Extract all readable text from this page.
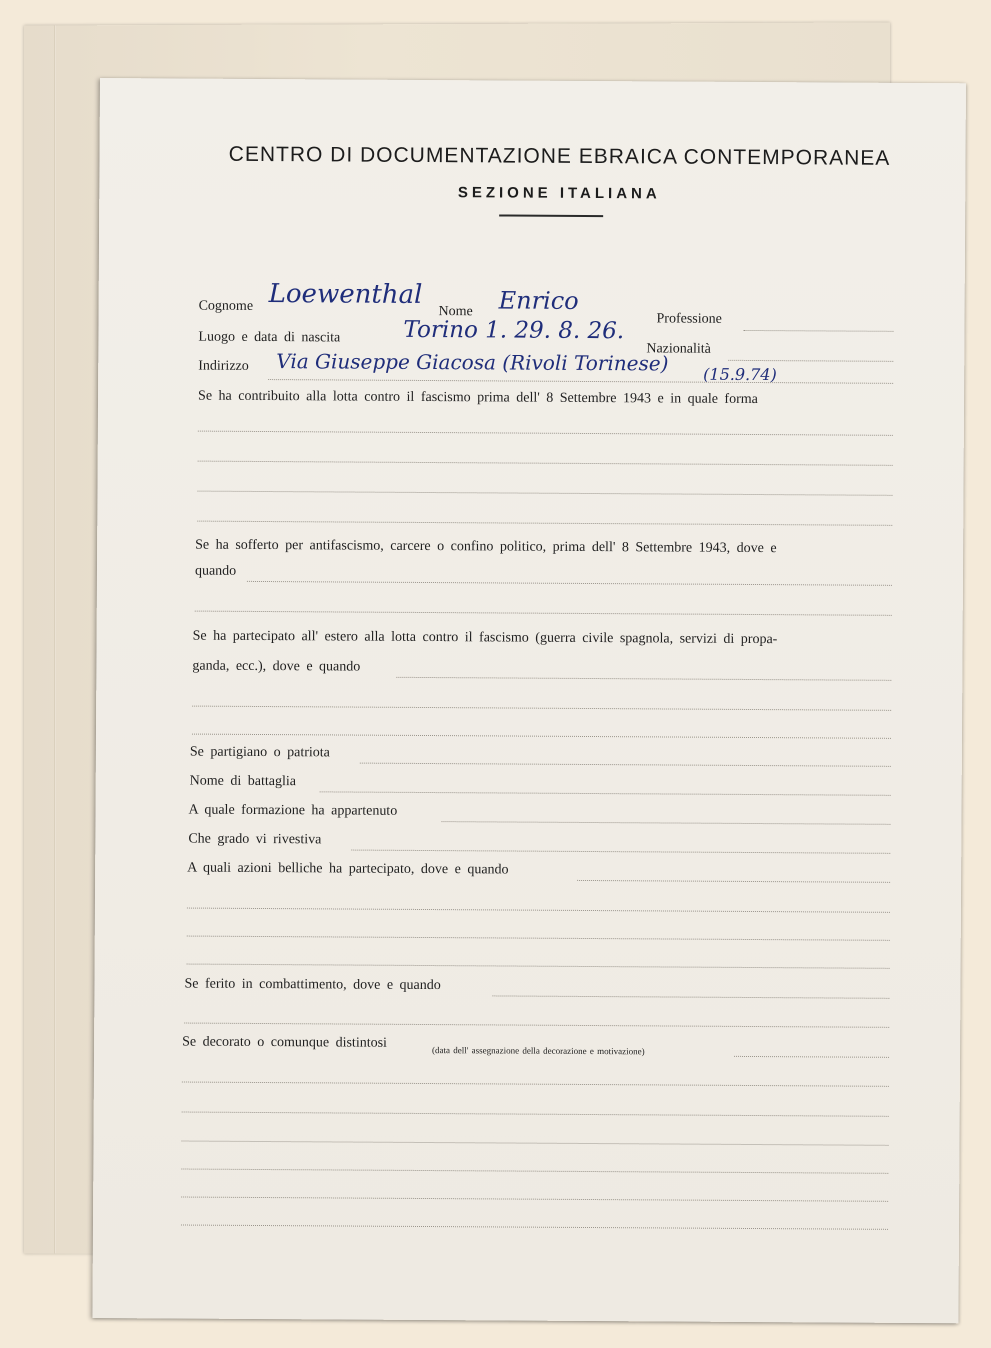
CENTRO DI DOCUMENTAZIONE EBRAICA CONTEMPORANEA
SEZIONE ITALIANA
Cognome Loewenthal
Nome Enrico
Professione
Luogo e data di nascita	Torino 1. 29. 8. 26.
Nazionalità
Indirizzo Via Giuseppe Giacosa (Rivoli Torinese) (15.9.74)
Se ha contribuito alla lotta contro il fascismo prima dell' 8 Settembre 1943 e in quale forma
Se ha sofferto per antifascismo, carcere o confino politico, prima dell' 8 Settembre 1943, dove e
quando
Se ha partecipato all' estero alla lotta contro il fascismo (guerra civile spagnola, servizi di propa-
ganda, ecc.), dove e quando
Se partigiano o patriota
Nome di battaglia
A quale formazione ha appartenuto
Che grado vi rivestiva
A quali azioni belliche ha partecipato, dove e quando
Se ferito in combattimento, dove e quando
Se decorato o comunque distintosi	(data dell' assegnazione della decorazione e motivazione)
